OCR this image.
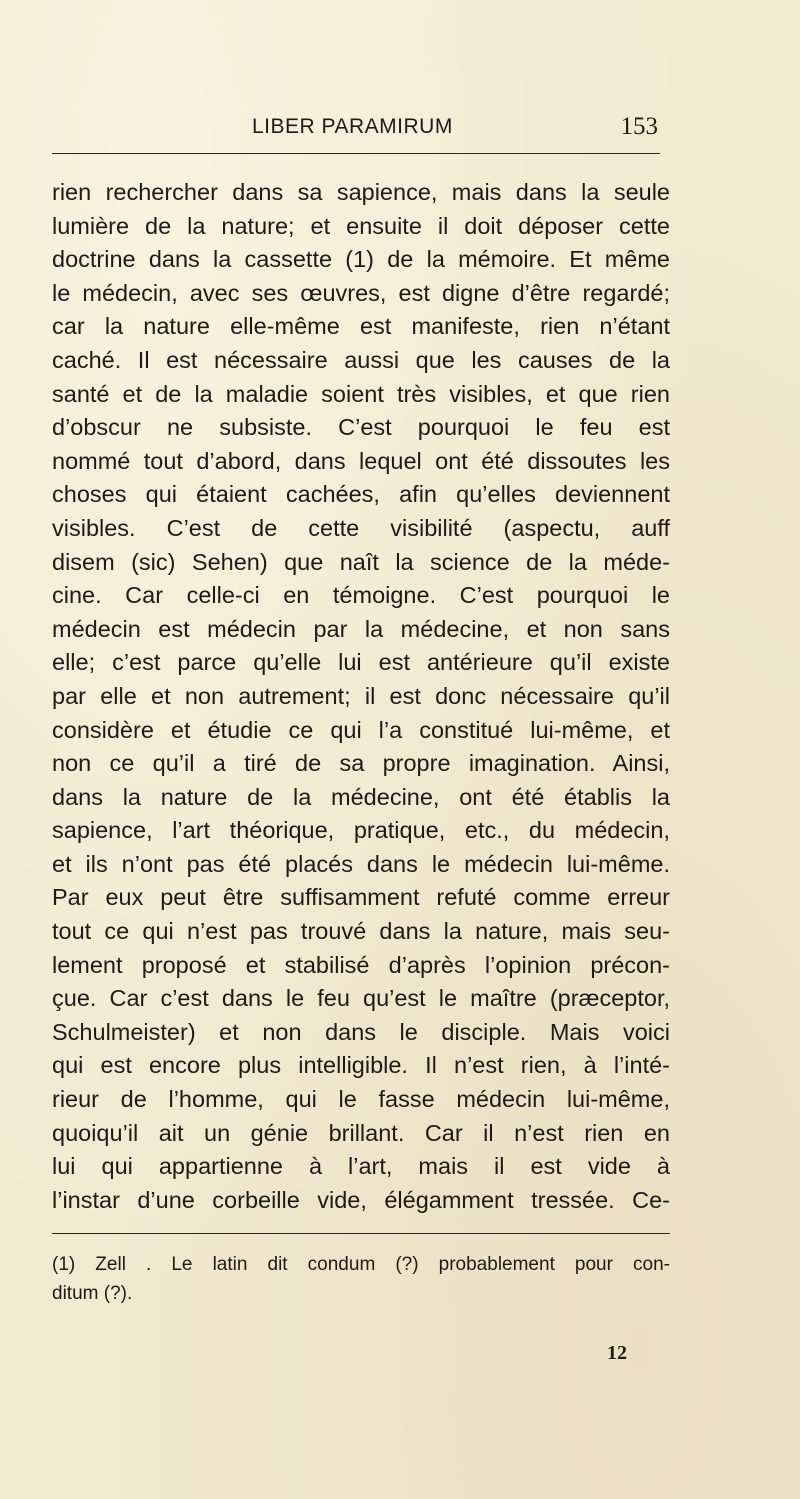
LIBER PARAMIRUM	153
rien rechercher dans sa sapience, mais dans la seule
lumière de la nature; et ensuite il doit déposer cette
doctrine dans la cassette (1) de la mémoire. Et même
le médecin, avec ses œuvres, est digne d’être regardé;
car la nature elle-même est manifeste, rien n’étant
caché. Il est nécessaire aussi que les causes de la
santé et de la maladie soient très visibles, et que rien
d’obscur ne subsiste. C’est pourquoi le feu est
nommé tout d’abord, dans lequel ont été dissoutes les
choses qui étaient cachées, afin qu’elles deviennent
visibles. C’est de cette visibilité (aspectu, auff
disem (sic) Sehen) que naît la science de la méde-
cine. Car celle-ci en témoigne. C’est pourquoi le
médecin est médecin par la médecine, et non sans
elle; c’est parce qu’elle lui est antérieure qu’il existe
par elle et non autrement; il est donc nécessaire qu’il
considère et étudie ce qui l’a constitué lui-même, et
non ce qu’il a tiré de sa propre imagination. Ainsi,
dans la nature de la médecine, ont été établis la
sapience, l’art théorique, pratique, etc., du médecin,
et ils n’ont pas été placés dans le médecin lui-même.
Par eux peut être suffisamment refuté comme erreur
tout ce qui n’est pas trouvé dans la nature, mais seu-
lement proposé et stabilisé d’après l’opinion précon-
çue. Car c’est dans le feu qu’est le maître (præceptor,
Schulmeister) et non dans le disciple. Mais voici
qui est encore plus intelligible. Il n’est rien, à l’inté-
rieur de l’homme, qui le fasse médecin lui-même,
quoiqu’il ait un génie brillant. Car il n’est rien en
lui qui appartienne à l’art, mais il est vide à
l’instar d’une corbeille vide, élégamment tressée. Ce-
(1) Zell . Le latin dit condum (?) probablement pour con-
ditum (?).
12
